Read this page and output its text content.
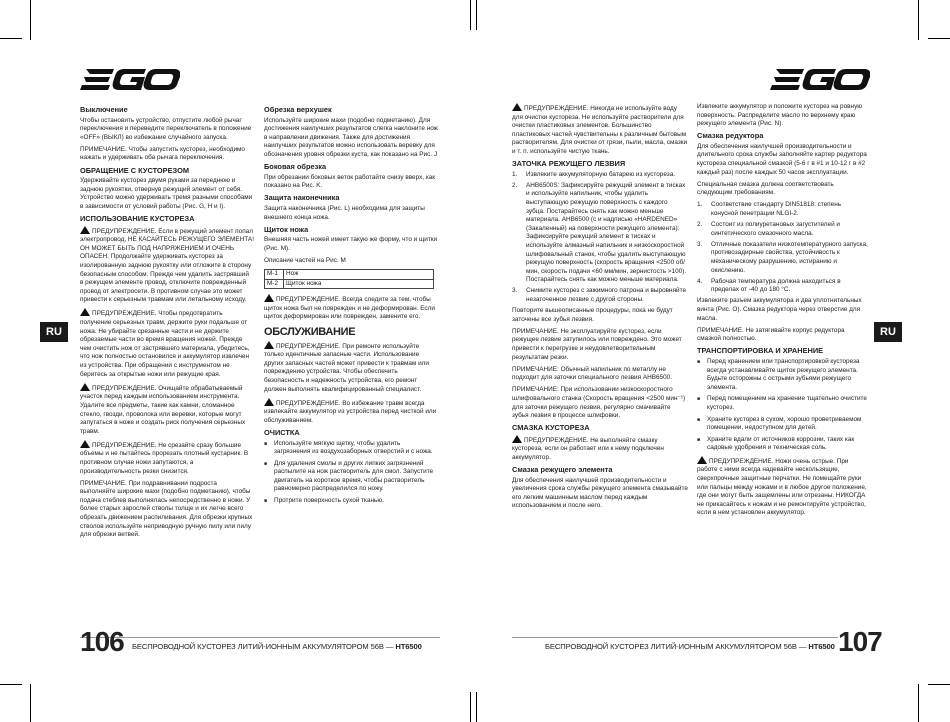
RU	RU
Выключение

Чтобы остановить устройство, отпустите любой рычаг переключения и переведите переключатель в положение «OFF» (ВЫКЛ) во избежание случайного запуска.

ПРИМЕЧАНИЕ. Чтобы запустить кусторез, необходимо нажать и удерживать оба рычага переключения.

ОБРАЩЕНИЕ С КУСТОРЕЗОМ

Удерживайте кусторез двумя руками за переднюю и заднюю рукоятки, отвернув режущий элемент от себя. Устройство можно удерживать тремя разными способами в зависимости от условий работы (Рис. G, H и I).

ИСПОЛЬЗОВАНИЕ КУСТОРЕЗА

ПРЕДУПРЕЖДЕНИЕ. Если в режущий элемент попал электропровод, НЕ КАСАЙТЕСЬ РЕЖУЩЕГО ЭЛЕМЕНТА! ОН МОЖЕТ БЫТЬ ПОД НАПРЯЖЕНИЕМ И ОЧЕНЬ ОПАСЕН. Продолжайте удерживать кусторез за изолированную заднюю рукоятку или отложите в сторону безопасным способом. Прежде чем удалить застрявший в режущем элементе провод, отключите поврежденный провод от электросети. В противном случае это может привести к серьезным травмам или летальному исходу.

ПРЕДУПРЕЖДЕНИЕ. Чтобы предотвратить получение серьезных травм, держите руки подальше от ножа. Не убирайте срезанные части и не держите обрезаемые части во время вращения ножей. Прежде чем очистить нож от застрявшего материала, убедитесь, что нож полностью остановился и аккумулятор извлечен из устройства. При обращении с инструментом не беритесь за открытые ножи или режущие края.

ПРЕДУПРЕЖДЕНИЕ. Очищайте обрабатываемый участок перед каждым использованием инструмента. Удалите все предметы, такие как камни, сломанное стекло, гвозди, проволока или веревки, которые могут запутаться в ноже и создать риск получения серьезных травм.

ПРЕДУПРЕЖДЕНИЕ. Не срезайте сразу большие объемы и не пытайтесь прорезать плотный кустарник. В противном случае ножи запутаются, а производительность резки снизится.

ПРИМЕЧАНИЕ. При подравнивании подроста выполняйте широкие махи (подобно подметанию), чтобы подача стеблев выполнялась непосредственно в ножи. У более старых зарослей стволы толще и их легче всего обрезать движением распиливания. Для обрезки крупных стволов используйте неприводную ручную пилу или пилу для обрезки ветвей.

Обрезка верхушек

Используйте широкие махи (подобно подметанию). Для достижения наилучших результатов слегка наклоните нож в направлении движения. Также для достижения наилучших результатов можно использовать веревку для обозначения уровня обрезки куста, как показано на Рис. J

Боковая обрезка

При обрезании боковых веток работайте снизу вверх, как показано на Рис. K.

Защита наконечника

Защита наконечника (Рис. L) необходима для защиты внешнего конца ножа.

Щиток ножа

Внешняя часть ножей имеет такую же форму, что и щитки (Рис. М).

Описание частей на Рис. М

M-1	Нож
M-2	Щиток ножа

ПРЕДУПРЕЖДЕНИЕ. Всегда следите за тем, чтобы щиток ножа был не поврежден и не деформирован. Если щиток деформирован или поврежден, замените его.

ОБСЛУЖИВАНИЕ

ПРЕДУПРЕЖДЕНИЕ. При ремонте используйте только идентичные запасные части. Использование других запасных частей может привести к травмам или повреждению устройства. Чтобы обеспечить безопасность и надежность устройства, его ремонт должен выполнять квалифицированный специалист.

ПРЕДУПРЕЖДЕНИЕ. Во избежание травм всегда извлекайте аккумулятор из устройства перед чисткой или обслуживанием.

ОЧИСТКА
■	Используйте мягкую щетку, чтобы удалить загрязнения из воздухозаборных отверстий и с ножа.
■	Для удаления смолы и других липких загрязнений распылите на нож растворитель для смол. Запустите двигатель на короткое время, чтобы растворитель равномерно распределился по ножу.
■	Протрите поверхность сухой тканью.

ПРЕДУПРЕЖДЕНИЕ. Никогда не используйте воду для очистки кустореза. Не используйте растворители для очистки пластиковых элементов. Большинство пластиковых частей чувствительны к различным бытовым растворителям. Для очистки от грязи, пыли, масла, смазки и т. п. используйте чистую ткань.

ЗАТОЧКА РЕЖУЩЕГО ЛЕЗВИЯ
1.	Извлеките аккумуляторную батарею из кустореза.
2.	AHB6500S: Зафиксируйте режущий элемент в тисках и используйте напильник, чтобы удалить выступающую режущую поверхность с каждого зубца. Постарайтесь снять как можно меньше материала. AHB6500 (с и надписью «HARDENED» (Закаленный) на поверхности режущего элемента): Зафиксируйте режущий элемент в тисках и используйте алмазный напильник и низкоскоростной шлифовальный станок, чтобы удалить выступающую режущую поверхность (скорость вращения <2500 об/мин, скорость подачи <60 мм/мин, зернистость >100). Постарайтесь снять как можно меньше материала.
3.	Снимите кусторез с зажимного патрона и выровняйте незаточенное лезвие с другой стороны.

Повторите вышеописанные процедуры, пока не будут заточены все зубья лезвия.

ПРИМЕЧАНИЕ. Не эксплуатируйте кусторез, если режущее лезвие затупилось или повреждено. Это может привести к перегрузке и неудовлетворительным результатам резки.

ПРИМЕЧАНИЕ: Обычный напильник по металлу не подходит для заточки специального лезвия AHB6500.

ПРИМЕЧАНИЕ: При использовании низкоскоростного шлифовального станка (Скорость вращения <2500 мин⁻¹) для заточки режущего лезвия, регулярно смачивайте зубья лезвия в процессе шлифовки.

СМАЗКА КУСТОРЕЗА

ПРЕДУПРЕЖДЕНИЕ. Не выполняйте смазку кустореза, если он работает или к нему подключен аккумулятор.

Смазка режущего элемента

Для обеспечения наилучшей производительности и увеличения срока службы режущего элемента смазывайте его легким машинным маслом перед каждым использованием и после него.

Извлеките аккумулятор и положите кусторез на ровную поверхность. Распределите масло по верхнему краю режущего элемента (Рис. N).

Смазка редуктора

Для обеспечения наилучшей производительности и длительного срока службы заполняйте картер редуктора кустореза специальной смазкой (5-6 г в #1 и 10-12 г в #2 каждый раз) после каждых 50 часов эксплуатации.

Специальная смазка должна соответствовать следующим требованиям.

1.	Соответствие стандарту DIN51818: степень конусной пенетрации NLGI-2.
2.	Состоит из полиуретановых загустителей и синтетического смазочного масла.
3.	Отличные показатели низкотемпературного запуска, противозадирные свойства, устойчивость к механическому разрушению, истиранию и окислению.
4.	Рабочая температура должна находиться в пределах от -40 до 180 °C.

Извлеките разъем аккумулятора и два уплотнительных винта (Рис. O). Смазка редуктора через отверстие для масла.

ПРИМЕЧАНИЕ. Не затягивайте корпус редуктора смазкой полностью.

ТРАНСПОРТИРОВКА И ХРАНЕНИЕ
■	Перед хранением или транспортировкой кустореза всегда устанавливайте щиток режущего элемента. Будьте осторожны с острыми зубьями режущего элемента.
■	Перед помещением на хранение тщательно очистите кусторез.
■	Храните кусторез в сухом, хорошо проветриваемом помещении, недоступном для детей.
■	Храните вдали от источников коррозии, таких как садовые удобрения и техническая соль.

ПРЕДУПРЕЖДЕНИЕ. Ножи очень острые. При работе с ними всегда надевайте нескользящие, сверхпрочные защитные перчатки. Не помещайте руки или пальцы между ножами и в любое другое положение, где они могут быть защемлены или отрезаны. НИКОГДА не прикасайтесь к ножам и не ремонтируйте устройство, если в нем установлен аккумулятор.

106	107
БЕСПРОВОДНОЙ КУСТОРЕЗ ЛИТИЙ-ИОННЫМ АККУМУЛЯТОРОМ 56В — HT6500	БЕСПРОВОДНОЙ КУСТОРЕЗ ЛИТИЙ-ИОННЫМ АККУМУЛЯТОРОМ 56В — HT6500
